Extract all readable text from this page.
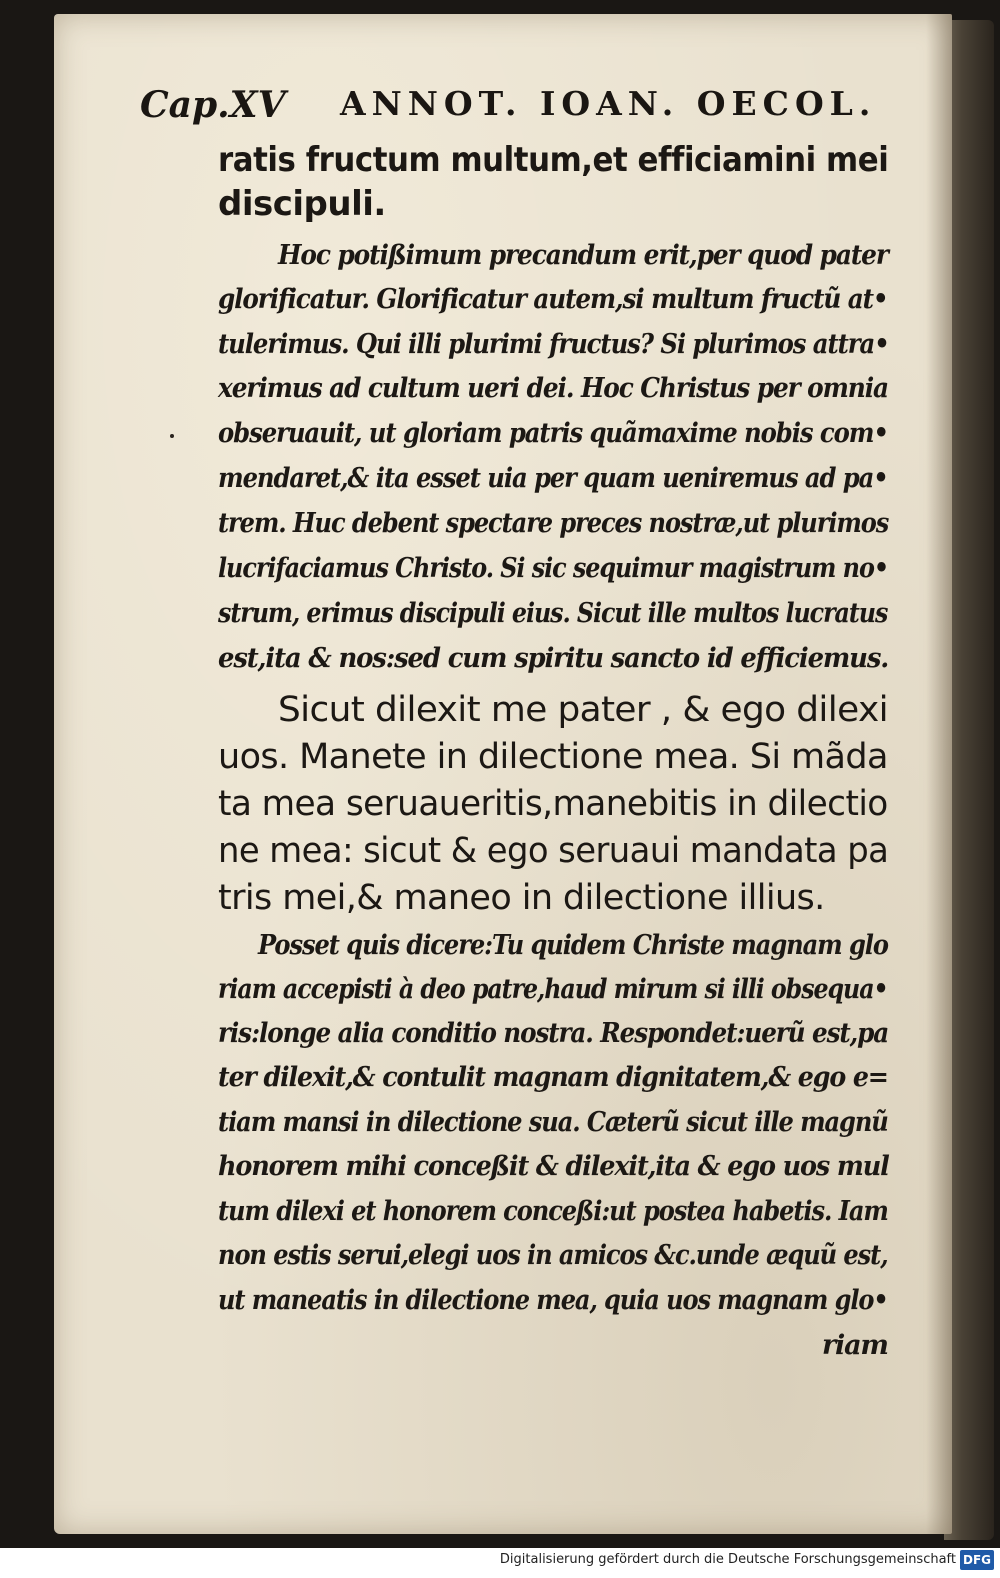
Cap.XV ANNOT. IOAN. OECOL.
ratis fructum multum,et efficiamini mei
discipuli.
Hoc potißimum precandum erit,per quod pater
glorificatur. Glorificatur autem,si multum fructũ at•
tulerimus. Qui illi plurimi fructus? Si plurimos attra•
xerimus ad cultum ueri dei. Hoc Christus per omnia
obseruauit, ut gloriam patris quãmaxime nobis com•
mendaret,& ita esset uia per quam ueniremus ad pa•
trem. Huc debent spectare preces nostræ,ut plurimos
lucrifaciamus Christo. Si sic sequimur magistrum no•
strum, erimus discipuli eius. Sicut ille multos lucratus
est,ita & nos:sed cum spiritu sancto id efficiemus.
Sicut dilexit me pater , & ego dilexi
uos. Manete in dilectione mea. Si mãda
ta mea seruaueritis,manebitis in dilectio
ne mea: sicut & ego seruaui mandata pa
tris mei,& maneo in dilectione illius.
Posset quis dicere:Tu quidem Christe magnam glo
riam accepisti à deo patre,haud mirum si illi obsequa•
ris:longe alia conditio nostra. Respondet:uerũ est,pa
ter dilexit,& contulit magnam dignitatem,& ego e=
tiam mansi in dilectione sua. Cæterũ sicut ille magnũ
honorem mihi conceßit & dilexit,ita & ego uos mul
tum dilexi et honorem conceßi:ut postea habetis. Iam
non estis serui,elegi uos in amicos &c.unde æquũ est,
ut maneatis in dilectione mea, quia uos magnam glo•
riam
Digitalisierung gefördert durch die Deutsche Forschungsgemeinschaft DFG
